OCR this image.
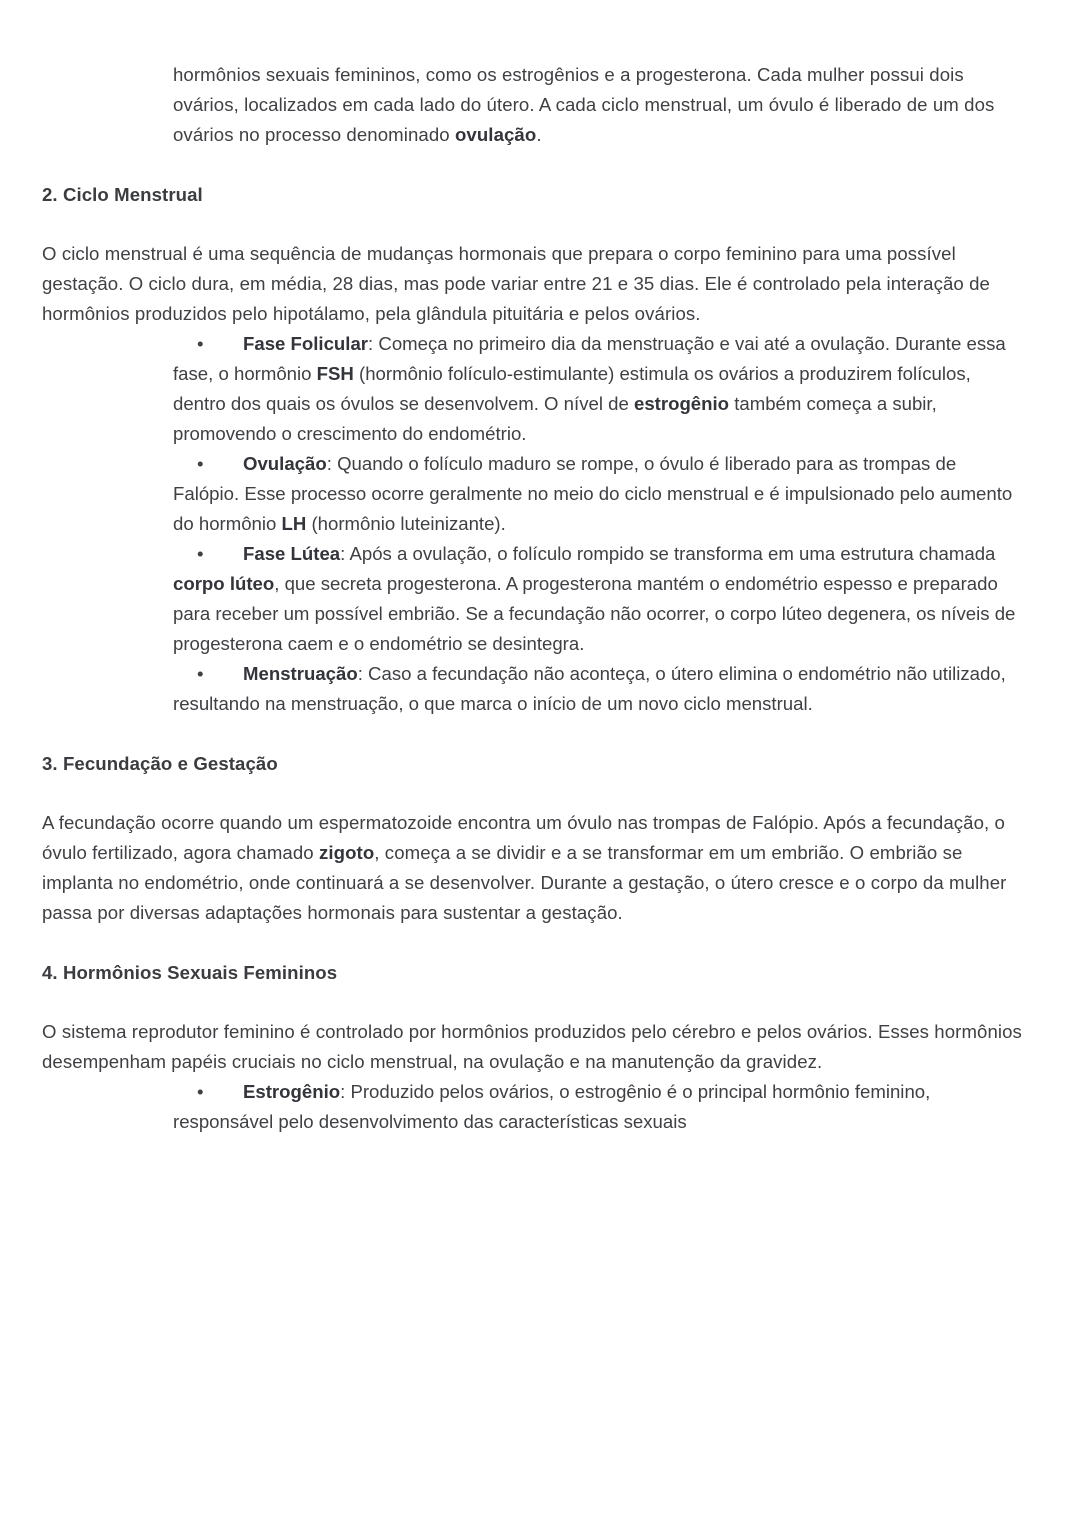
hormônios sexuais femininos, como os estrogênios e a progesterona. Cada mulher possui dois ovários, localizados em cada lado do útero. A cada ciclo menstrual, um óvulo é liberado de um dos ovários no processo denominado ovulação.

2. Ciclo Menstrual

O ciclo menstrual é uma sequência de mudanças hormonais que prepara o corpo feminino para uma possível gestação. O ciclo dura, em média, 28 dias, mas pode variar entre 21 e 35 dias. Ele é controlado pela interação de hormônios produzidos pelo hipotálamo, pela glândula pituitária e pelos ovários.

• Fase Folicular: Começa no primeiro dia da menstruação e vai até a ovulação. Durante essa fase, o hormônio FSH (hormônio folículo-estimulante) estimula os ovários a produzirem folículos, dentro dos quais os óvulos se desenvolvem. O nível de estrogênio também começa a subir, promovendo o crescimento do endométrio.
• Ovulação: Quando o folículo maduro se rompe, o óvulo é liberado para as trompas de Falópio. Esse processo ocorre geralmente no meio do ciclo menstrual e é impulsionado pelo aumento do hormônio LH (hormônio luteinizante).
• Fase Lútea: Após a ovulação, o folículo rompido se transforma em uma estrutura chamada corpo lúteo, que secreta progesterona. A progesterona mantém o endométrio espesso e preparado para receber um possível embrião. Se a fecundação não ocorrer, o corpo lúteo degenera, os níveis de progesterona caem e o endométrio se desintegra.
• Menstruação: Caso a fecundação não aconteça, o útero elimina o endométrio não utilizado, resultando na menstruação, o que marca o início de um novo ciclo menstrual.
3. Fecundação e Gestação

A fecundação ocorre quando um espermatozoide encontra um óvulo nas trompas de Falópio. Após a fecundação, o óvulo fertilizado, agora chamado zigoto, começa a se dividir e a se transformar em um embrião. O embrião se implanta no endométrio, onde continuará a se desenvolver. Durante a gestação, o útero cresce e o corpo da mulher passa por diversas adaptações hormonais para sustentar a gestação.

4. Hormônios Sexuais Femininos

O sistema reprodutor feminino é controlado por hormônios produzidos pelo cérebro e pelos ovários. Esses hormônios desempenham papéis cruciais no ciclo menstrual, na ovulação e na manutenção da gravidez.

• Estrogênio: Produzido pelos ovários, o estrogênio é o principal hormônio feminino, responsável pelo desenvolvimento das características sexuais
